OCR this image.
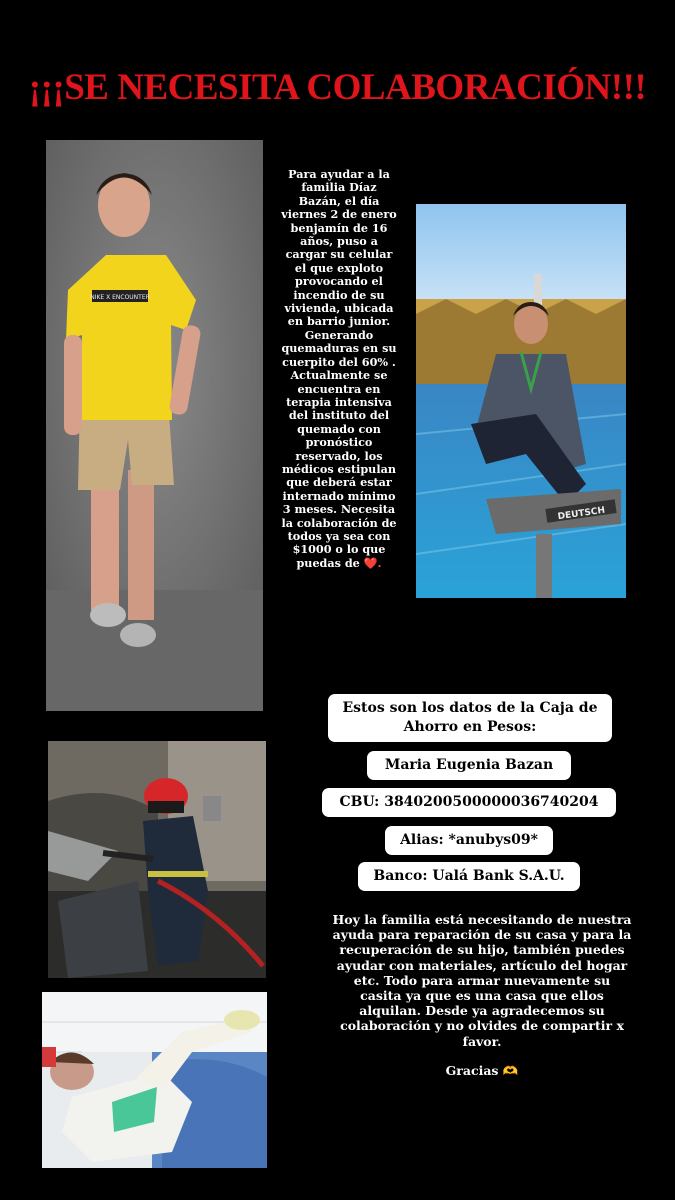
¡¡¡SE NECESITA COLABORACIÓN!!!
NIKE X ENCOUNTER
Para ayudar a la familia Díaz Bazán, el día viernes 2 de enero benjamín de 16 años, puso a cargar su celular el que exploto provocando el incendio de su vivienda, ubicada en barrio junior. Generando quemaduras en su cuerpito del 60% . Actualmente se encuentra en terapia intensiva del instituto del quemado con pronóstico reservado, los médicos estipulan que deberá estar internado mínimo 3 meses. Necesita la colaboración de todos ya sea con $1000 o lo que puedas de ❤️.
DEUTSCH
Estos son los datos de la Caja de Ahorro en Pesos:
Maria Eugenia Bazan
CBU: 3840200500000036740204
Alias: *anubys09*
Banco: Ualá Bank S.A.U.

Hoy la familia está necesitando de nuestra ayuda para reparación de su casa y para la recuperación de su hijo, también puedes ayudar con materiales, artículo del hogar etc. Todo para armar nuevamente su casita ya que es una casa que ellos alquilan. Desde ya agradecemos su colaboración y no olvides de compartir x favor.

Gracias 🫶
